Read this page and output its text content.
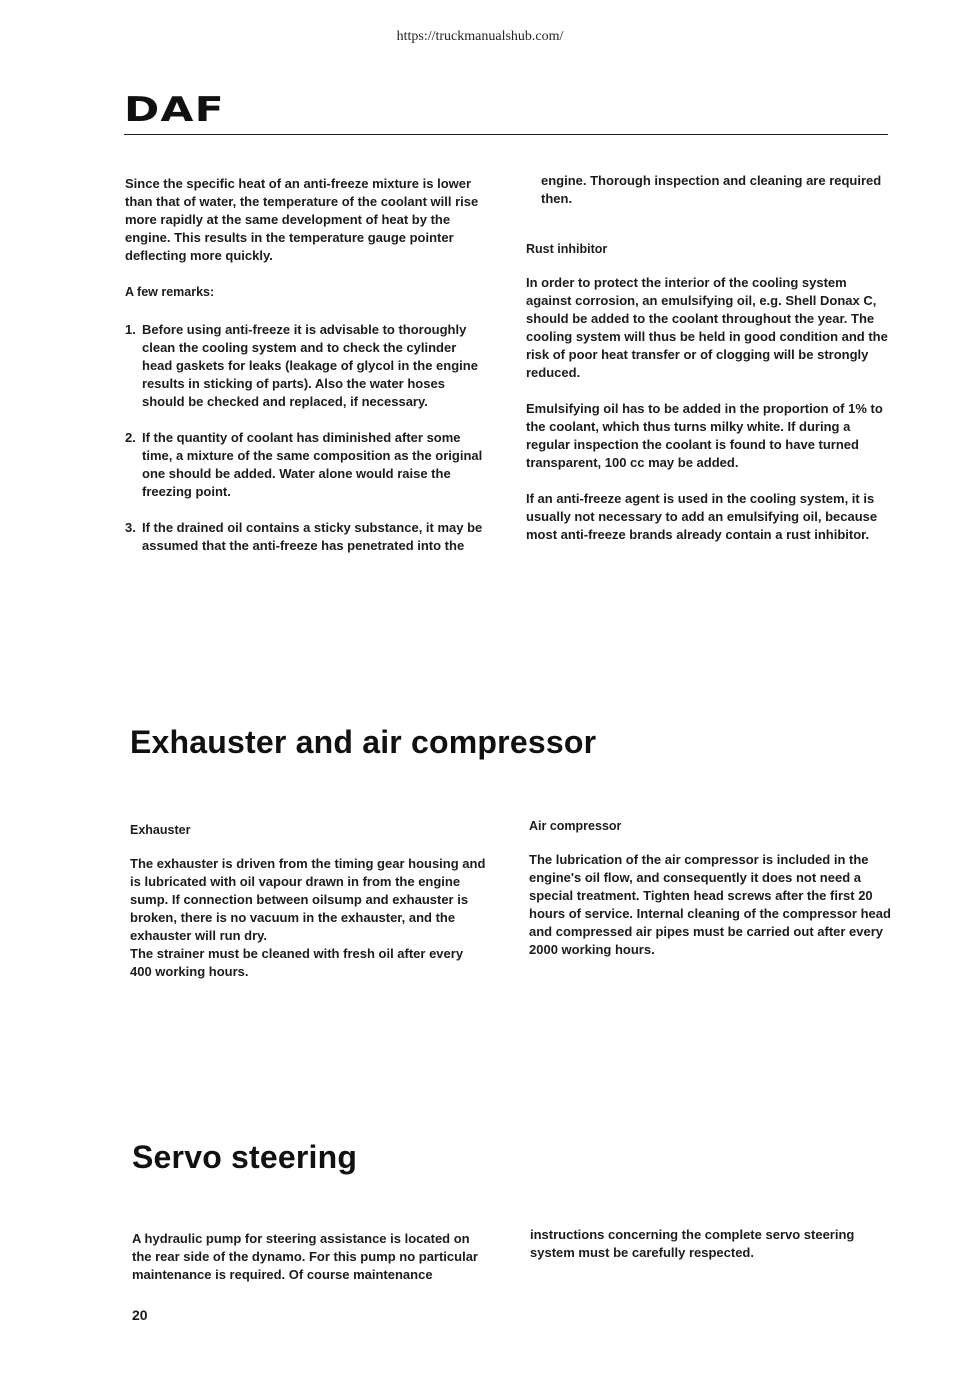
https://truckmanualshub.com/
DAF

Since the specific heat of an anti-freeze mixture is lower than that of water, the temperature of the coolant will rise more rapidly at the same development of heat by the engine. This results in the temperature gauge pointer deflecting more quickly.

A few remarks:

1. Before using anti-freeze it is advisable to thoroughly clean the cooling system and to check the cylinder head gaskets for leaks (leakage of glycol in the engine results in sticking of parts). Also the water hoses should be checked and replaced, if necessary.
2. If the quantity of coolant has diminished after some time, a mixture of the same composition as the original one should be added. Water alone would raise the freezing point.
3. If the drained oil contains a sticky substance, it may be assumed that the anti-freeze has penetrated into the
engine. Thorough inspection and cleaning are required then.

Rust inhibitor

In order to protect the interior of the cooling system against corrosion, an emulsifying oil, e.g. Shell Donax C, should be added to the coolant throughout the year. The cooling system will thus be held in good condition and the risk of poor heat transfer or of clogging will be strongly reduced.

Emulsifying oil has to be added in the proportion of 1% to the coolant, which thus turns milky white. If during a regular inspection the coolant is found to have turned transparent, 100 cc may be added.

If an anti-freeze agent is used in the cooling system, it is usually not necessary to add an emulsifying oil, because most anti-freeze brands already contain a rust inhibitor.

Exhauster and air compressor

Exhauster

The exhauster is driven from the timing gear housing and is lubricated with oil vapour drawn in from the engine sump. If connection between oilsump and exhauster is broken, there is no vacuum in the exhauster, and the exhauster will run dry.

The strainer must be cleaned with fresh oil after every 400 working hours.

Air compressor

The lubrication of the air compressor is included in the engine's oil flow, and consequently it does not need a special treatment. Tighten head screws after the first 20 hours of service. Internal cleaning of the compressor head and compressed air pipes must be carried out after every 2000 working hours.

Servo steering

A hydraulic pump for steering assistance is located on the rear side of the dynamo. For this pump no particular maintenance is required. Of course maintenance

instructions concerning the complete servo steering system must be carefully respected.

20
